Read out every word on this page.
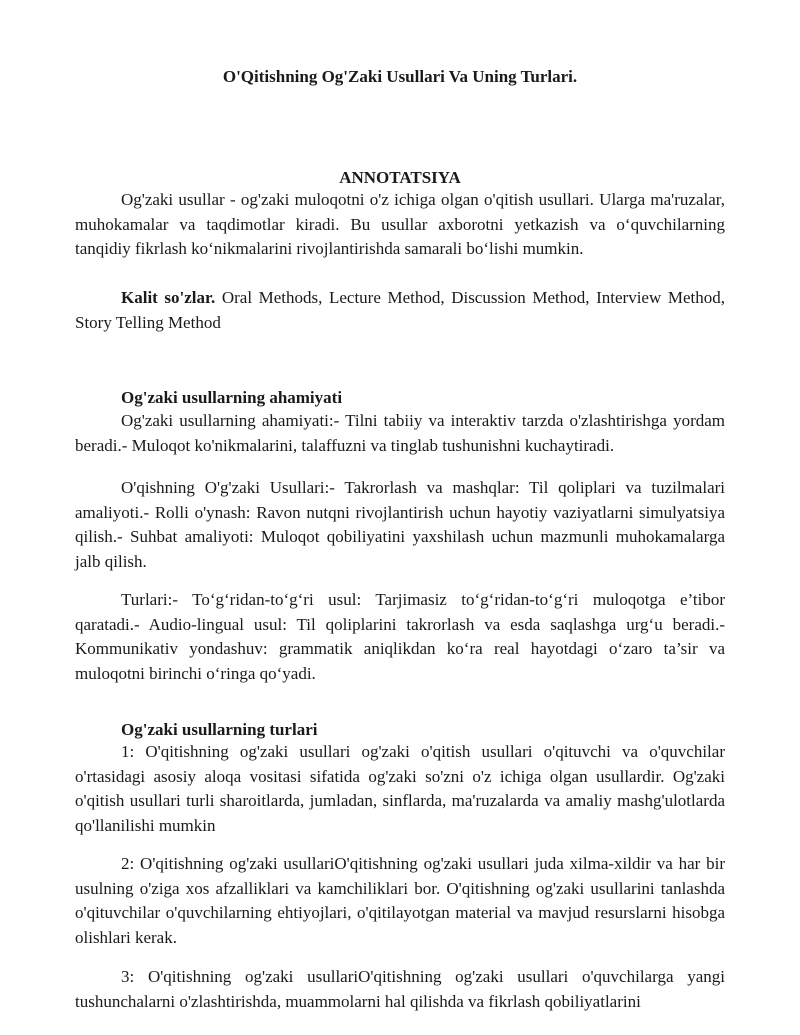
O'Qitishning Og'Zaki Usullari Va Uning Turlari.
ANNOTATSIYA

Og'zaki usullar - og'zaki muloqotni o'z ichiga olgan o'qitish usullari. Ularga ma'ruzalar, muhokamalar va taqdimotlar kiradi. Bu usullar axborotni yetkazish va o‘quvchilarning tanqidiy fikrlash ko‘nikmalarini rivojlantirishda samarali bo‘lishi mumkin.

Kalit so'zlar. Oral Methods, Lecture Method, Discussion Method, Interview Method, Story Telling Method

Og'zaki usullarning ahamiyati

Og'zaki usullarning ahamiyati:- Tilni tabiiy va interaktiv tarzda o'zlashtirishga yordam beradi.- Muloqot ko'nikmalarini, talaffuzni va tinglab tushunishni kuchaytiradi.

O'qishning O'g'zaki Usullari:- Takrorlash va mashqlar: Til qoliplari va tuzilmalari amaliyoti.- Rolli o'ynash: Ravon nutqni rivojlantirish uchun hayotiy vaziyatlarni simulyatsiya qilish.- Suhbat amaliyoti: Muloqot qobiliyatini yaxshilash uchun mazmunli muhokamalarga jalb qilish.

Turlari:- To‘g‘ridan-to‘g‘ri usul: Tarjimasiz to‘g‘ridan-to‘g‘ri muloqotga e’tibor qaratadi.- Audio-lingual usul: Til qoliplarini takrorlash va esda saqlashga urg‘u beradi.- Kommunikativ yondashuv: grammatik aniqlikdan ko‘ra real hayotdagi o‘zaro ta’sir va muloqotni birinchi o‘ringa qo‘yadi.

Og'zaki usullarning turlari

1: O'qitishning og'zaki usullari og'zaki o'qitish usullari o'qituvchi va o'quvchilar o'rtasidagi asosiy aloqa vositasi sifatida og'zaki so'zni o'z ichiga olgan usullardir. Og'zaki o'qitish usullari turli sharoitlarda, jumladan, sinflarda, ma'ruzalarda va amaliy mashg'ulotlarda qo'llanilishi mumkin

2: O'qitishning og'zaki usullariO'qitishning og'zaki usullari juda xilma-xildir va har bir usulning o'ziga xos afzalliklari va kamchiliklari bor. O'qitishning og'zaki usullarini tanlashda o'qituvchilar o'quvchilarning ehtiyojlari, o'qitilayotgan material va mavjud resurslarni hisobga olishlari kerak.

3: O'qitishning og'zaki usullariO'qitishning og'zaki usullari o'quvchilarga yangi tushunchalarni o'zlashtirishda, muammolarni hal qilishda va fikrlash qobiliyatlarini
